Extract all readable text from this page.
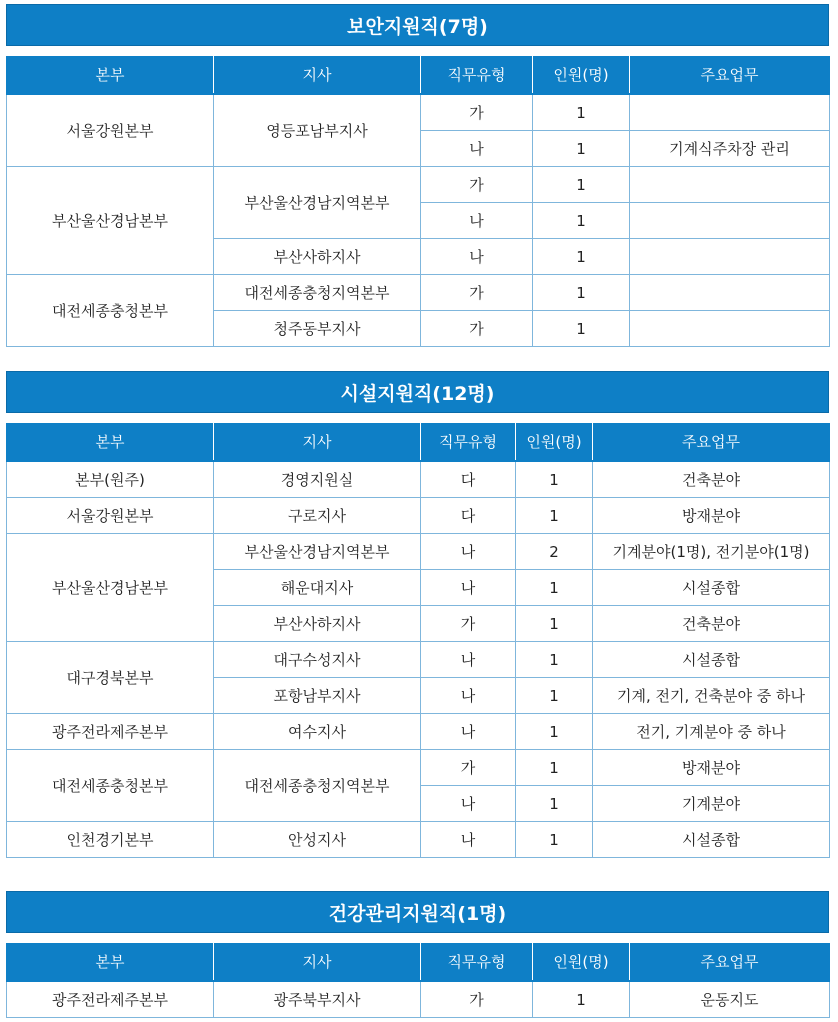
보안지원직(7명)
본부	지사	직무유형	인원(명)	주요업무
서울강원본부	영등포남부지사	가	1	
		나	1	기계식주차장 관리
부산울산경남본부	부산울산경남지역본부	가	1	
		나	1	
	부산사하지사	나	1	
대전세종충청본부	대전세종충청지역본부	가	1	
	청주동부지사	가	1	
시설지원직(12명)
본부	지사	직무유형	인원(명)	주요업무
본부(원주)	경영지원실	다	1	건축분야
서울강원본부	구로지사	다	1	방재분야
부산울산경남본부	부산울산경남지역본부	나	2	기계분야(1명), 전기분야(1명)
	해운대지사	나	1	시설종합
	부산사하지사	가	1	건축분야
대구경북본부	대구수성지사	나	1	시설종합
	포항남부지사	나	1	기계, 전기, 건축분야 중 하나
광주전라제주본부	여수지사	나	1	전기, 기계분야 중 하나
대전세종충청본부	대전세종충청지역본부	가	1	방재분야
		나	1	기계분야
인천경기본부	안성지사	나	1	시설종합
건강관리지원직(1명)
본부	지사	직무유형	인원(명)	주요업무
광주전라제주본부	광주북부지사	가	1	운동지도
